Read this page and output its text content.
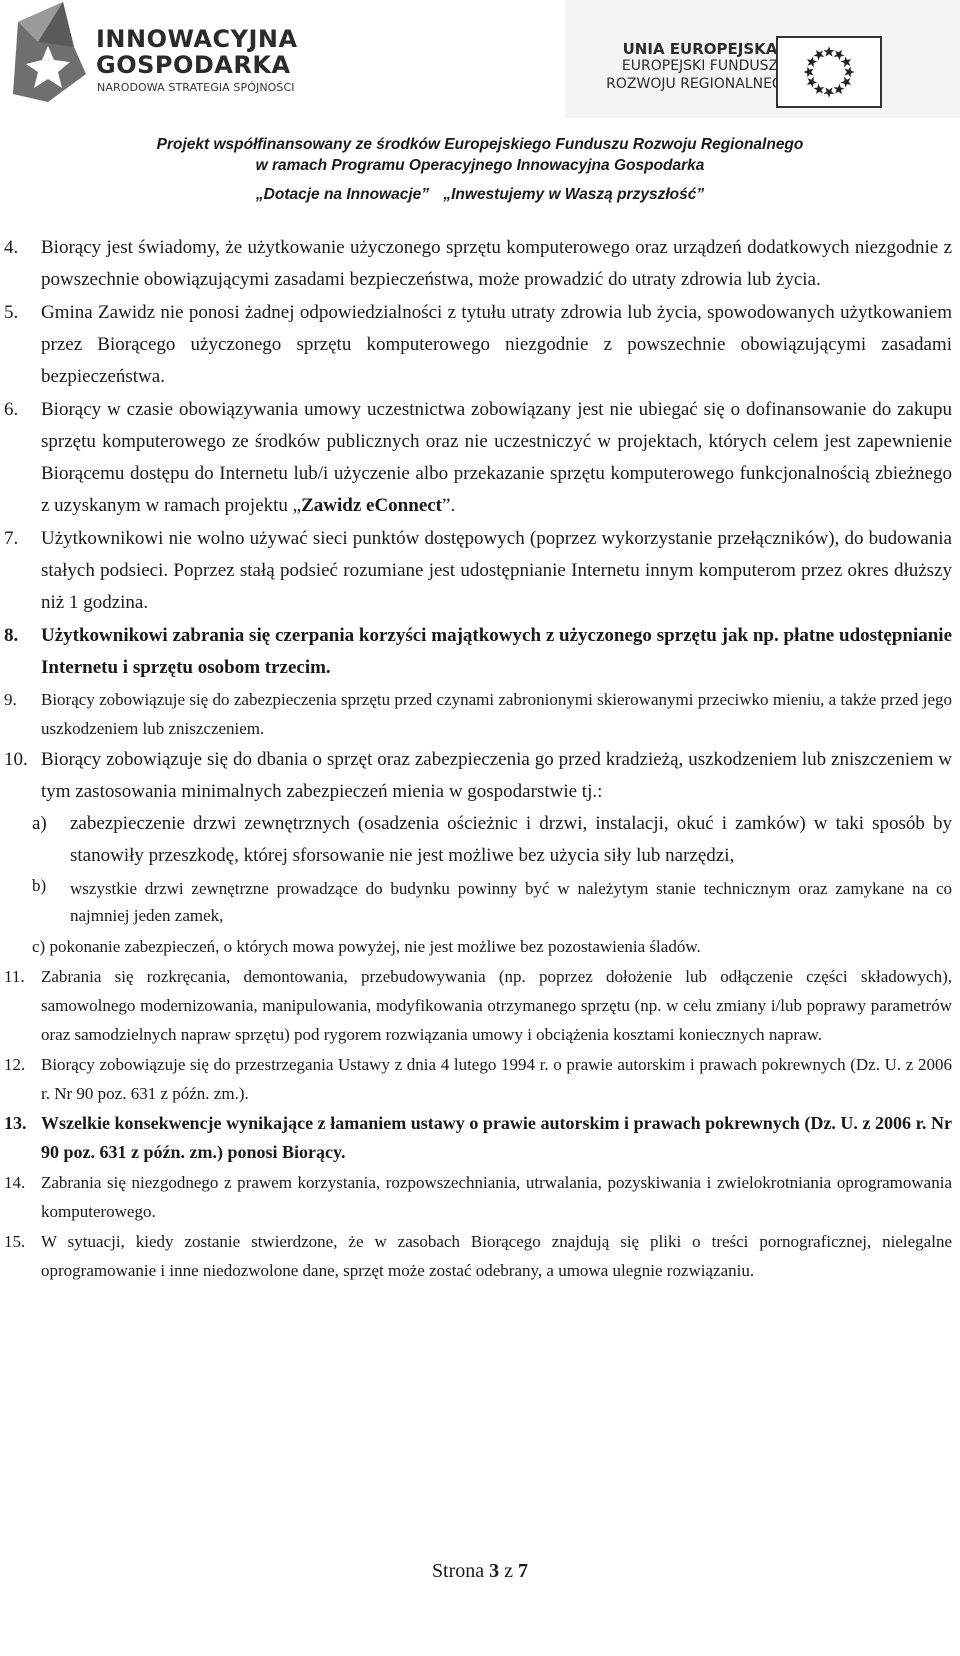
INNOWACYJNA
GOSPODARKA
NARODOWA STRATEGIA SPÓJNOŚCI
UNIA EUROPEJSKA
EUROPEJSKI FUNDUSZ
ROZWOJU REGIONALNEGO
Projekt współfinansowany ze środków Europejskiego Funduszu Rozwoju Regionalnego
w ramach Programu Operacyjnego Innowacyjna Gospodarka
„Dotacje na Innowacje” „Inwestujemy w Waszą przyszłość”
4. Biorący jest świadomy, że użytkowanie użyczonego sprzętu komputerowego oraz urządzeń dodatkowych niezgodnie z powszechnie obowiązującymi zasadami bezpieczeństwa, może prowadzić do utraty zdrowia lub życia.
5. Gmina Zawidz nie ponosi żadnej odpowiedzialności z tytułu utraty zdrowia lub życia, spowodowanych użytkowaniem przez Biorącego użyczonego sprzętu komputerowego niezgodnie z powszechnie obowiązującymi zasadami bezpieczeństwa.
6. Biorący w czasie obowiązywania umowy uczestnictwa zobowiązany jest nie ubiegać się o dofinansowanie do zakupu sprzętu komputerowego ze środków publicznych oraz nie uczestniczyć w projektach, których celem jest zapewnienie Biorącemu dostępu do Internetu lub/i użyczenie albo przekazanie sprzętu komputerowego funkcjonalnością zbieżnego z uzyskanym w ramach projektu „Zawidz eConnect”.
7. Użytkownikowi nie wolno używać sieci punktów dostępowych (poprzez wykorzystanie przełączników), do budowania stałych podsieci. Poprzez stałą podsieć rozumiane jest udostępnianie Internetu innym komputerom przez okres dłuższy niż 1 godzina.
8. Użytkownikowi zabrania się czerpania korzyści majątkowych z użyczonego sprzętu jak np. płatne udostępnianie Internetu i sprzętu osobom trzecim.
9. Biorący zobowiązuje się do zabezpieczenia sprzętu przed czynami zabronionymi skierowanymi przeciwko mieniu, a także przed jego uszkodzeniem lub zniszczeniem.
10. Biorący zobowiązuje się do dbania o sprzęt oraz zabezpieczenia go przed kradzieżą, uszkodzeniem lub zniszczeniem w tym zastosowania minimalnych zabezpieczeń mienia w gospodarstwie tj.:
a) zabezpieczenie drzwi zewnętrznych (osadzenia ościeżnic i drzwi, instalacji, okuć i zamków) w taki sposób by stanowiły przeszkodę, której sforsowanie nie jest możliwe bez użycia siły lub narzędzi,
b) wszystkie drzwi zewnętrzne prowadzące do budynku powinny być w należytym stanie technicznym oraz zamykane na co najmniej jeden zamek,
c) pokonanie zabezpieczeń, o których mowa powyżej, nie jest możliwe bez pozostawienia śladów.
11. Zabrania się rozkręcania, demontowania, przebudowywania (np. poprzez dołożenie lub odłączenie części składowych), samowolnego modernizowania, manipulowania, modyfikowania otrzymanego sprzętu (np. w celu zmiany i/lub poprawy parametrów oraz samodzielnych napraw sprzętu) pod rygorem rozwiązania umowy i obciążenia kosztami koniecznych napraw.
12. Biorący zobowiązuje się do przestrzegania Ustawy z dnia 4 lutego 1994 r. o prawie autorskim i prawach pokrewnych (Dz. U. z 2006 r. Nr 90 poz. 631 z późn. zm.).
13. Wszelkie konsekwencje wynikające z łamaniem ustawy o prawie autorskim i prawach pokrewnych (Dz. U. z 2006 r. Nr 90 poz. 631 z późn. zm.) ponosi Biorący.
14. Zabrania się niezgodnego z prawem korzystania, rozpowszechniania, utrwalania, pozyskiwania i zwielokrotniania oprogramowania komputerowego.
15. W sytuacji, kiedy zostanie stwierdzone, że w zasobach Biorącego znajdują się pliki o treści pornograficznej, nielegalne oprogramowanie i inne niedozwolone dane, sprzęt może zostać odebrany, a umowa ulegnie rozwiązaniu.
Strona 3 z 7
